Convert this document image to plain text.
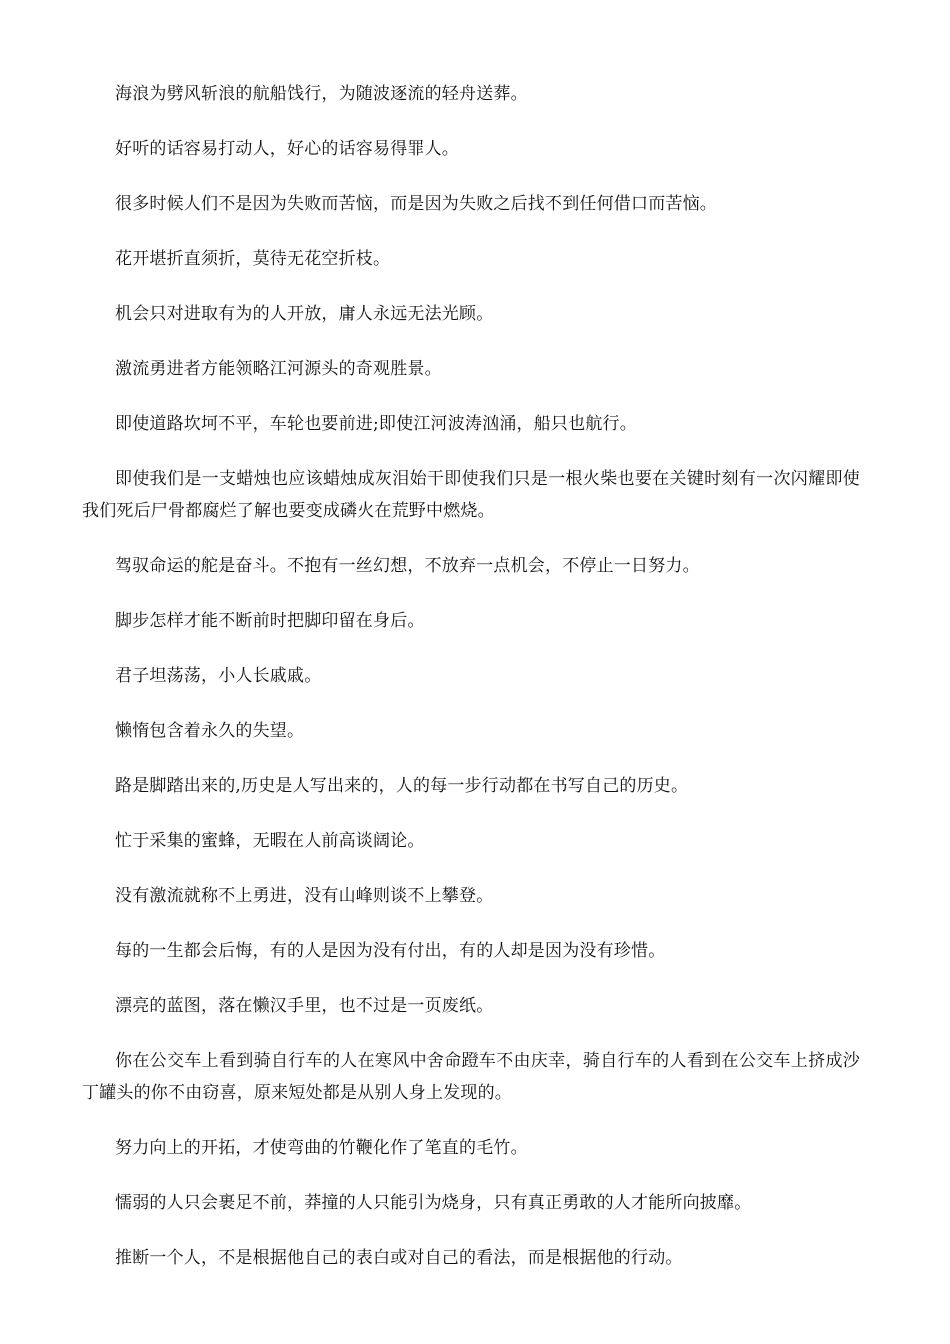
海浪为劈风斩浪的航船饯行，为随波逐流的轻舟送葬。

好听的话容易打动人，好心的话容易得罪人。

很多时候人们不是因为失败而苦恼，而是因为失败之后找不到任何借口而苦恼。

花开堪折直须折，莫待无花空折枝。

机会只对进取有为的人开放，庸人永远无法光顾。

激流勇进者方能领略江河源头的奇观胜景。

即使道路坎坷不平，车轮也要前进;即使江河波涛汹涌，船只也航行。

即使我们是一支蜡烛也应该蜡烛成灰泪始干即使我们只是一根火柴也要在关键时刻有一次闪耀即使我们死后尸骨都腐烂了解也要变成磷火在荒野中燃烧。

驾驭命运的舵是奋斗。不抱有一丝幻想，不放弃一点机会，不停止一日努力。

脚步怎样才能不断前时把脚印留在身后。

君子坦荡荡，小人长戚戚。

懒惰包含着永久的失望。

路是脚踏出来的,历史是人写出来的，人的每一步行动都在书写自己的历史。

忙于采集的蜜蜂，无暇在人前高谈阔论。

没有激流就称不上勇进，没有山峰则谈不上攀登。

每的一生都会后悔，有的人是因为没有付出，有的人却是因为没有珍惜。

漂亮的蓝图，落在懒汉手里，也不过是一页废纸。

你在公交车上看到骑自行车的人在寒风中舍命蹬车不由庆幸，骑自行车的人看到在公交车上挤成沙丁罐头的你不由窃喜，原来短处都是从别人身上发现的。

努力向上的开拓，才使弯曲的竹鞭化作了笔直的毛竹。

懦弱的人只会裹足不前，莽撞的人只能引为烧身，只有真正勇敢的人才能所向披靡。

推断一个人，不是根据他自己的表白或对自己的看法，而是根据他的行动。
